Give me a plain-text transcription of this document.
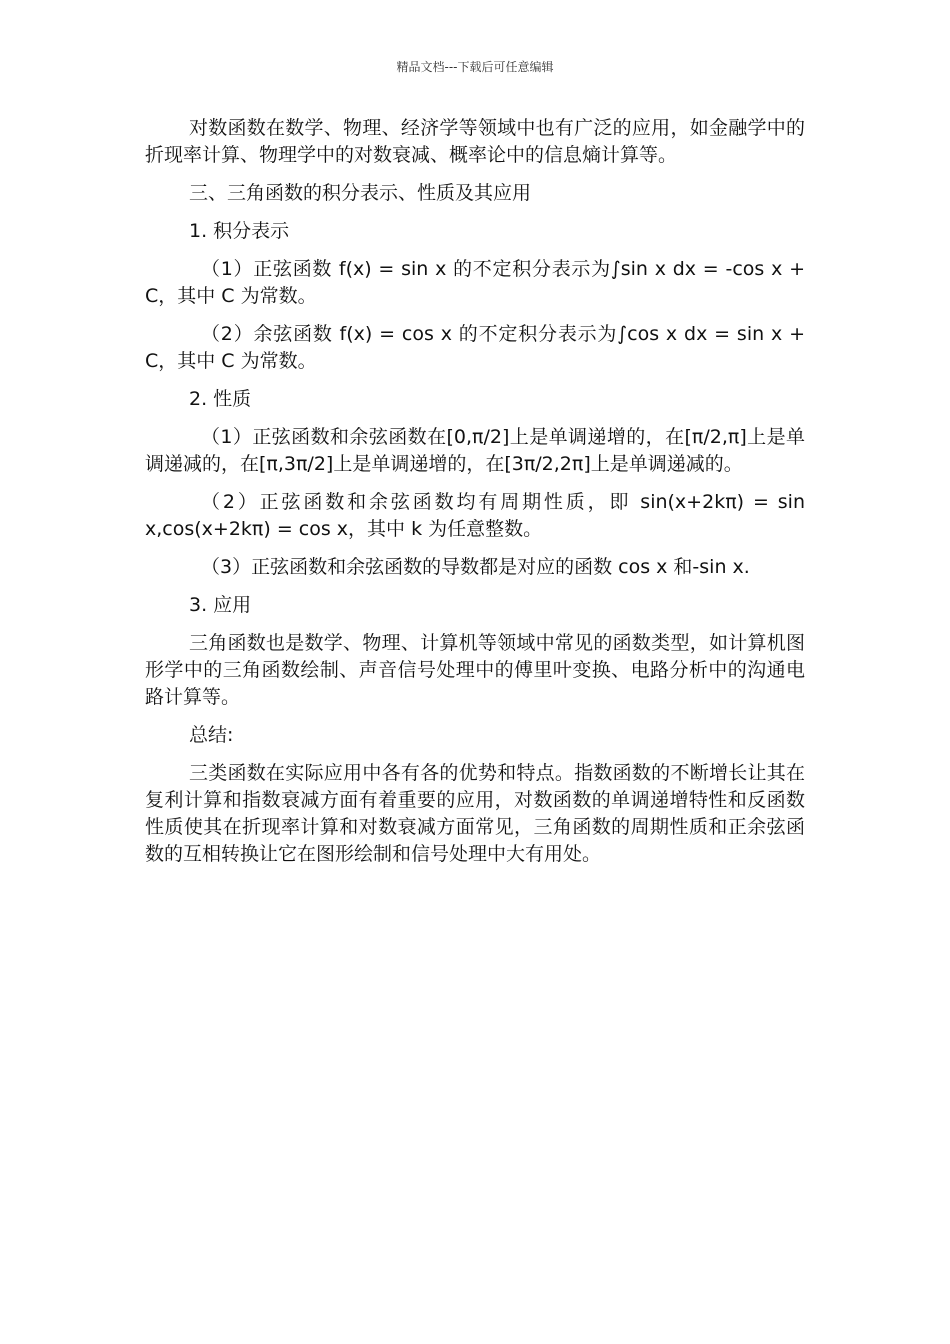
精品文档---下载后可任意编辑

对数函数在数学、物理、经济学等领域中也有广泛的应用，如金融学中的折现率计算、物理学中的对数衰减、概率论中的信息熵计算等。

三、三角函数的积分表示、性质及其应用

1. 积分表示

（1）正弦函数 f(x) = sin x 的不定积分表示为∫sin x dx = -cos x + C，其中 C 为常数。

（2）余弦函数 f(x) = cos x 的不定积分表示为∫cos x dx = sin x + C，其中 C 为常数。

2. 性质

（1）正弦函数和余弦函数在[0,π/2]上是单调递增的，在[π/2,π]上是单调递减的，在[π,3π/2]上是单调递增的，在[3π/2,2π]上是单调递减的。

（2）正弦函数和余弦函数均有周期性质，即 sin(x+2kπ) = sin x,cos(x+2kπ) = cos x，其中 k 为任意整数。

（3）正弦函数和余弦函数的导数都是对应的函数 cos x 和-sin x.

3. 应用

三角函数也是数学、物理、计算机等领域中常见的函数类型，如计算机图形学中的三角函数绘制、声音信号处理中的傅里叶变换、电路分析中的沟通电路计算等。

总结:

三类函数在实际应用中各有各的优势和特点。指数函数的不断增长让其在复利计算和指数衰减方面有着重要的应用，对数函数的单调递增特性和反函数性质使其在折现率计算和对数衰减方面常见，三角函数的周期性质和正余弦函数的互相转换让它在图形绘制和信号处理中大有用处。
